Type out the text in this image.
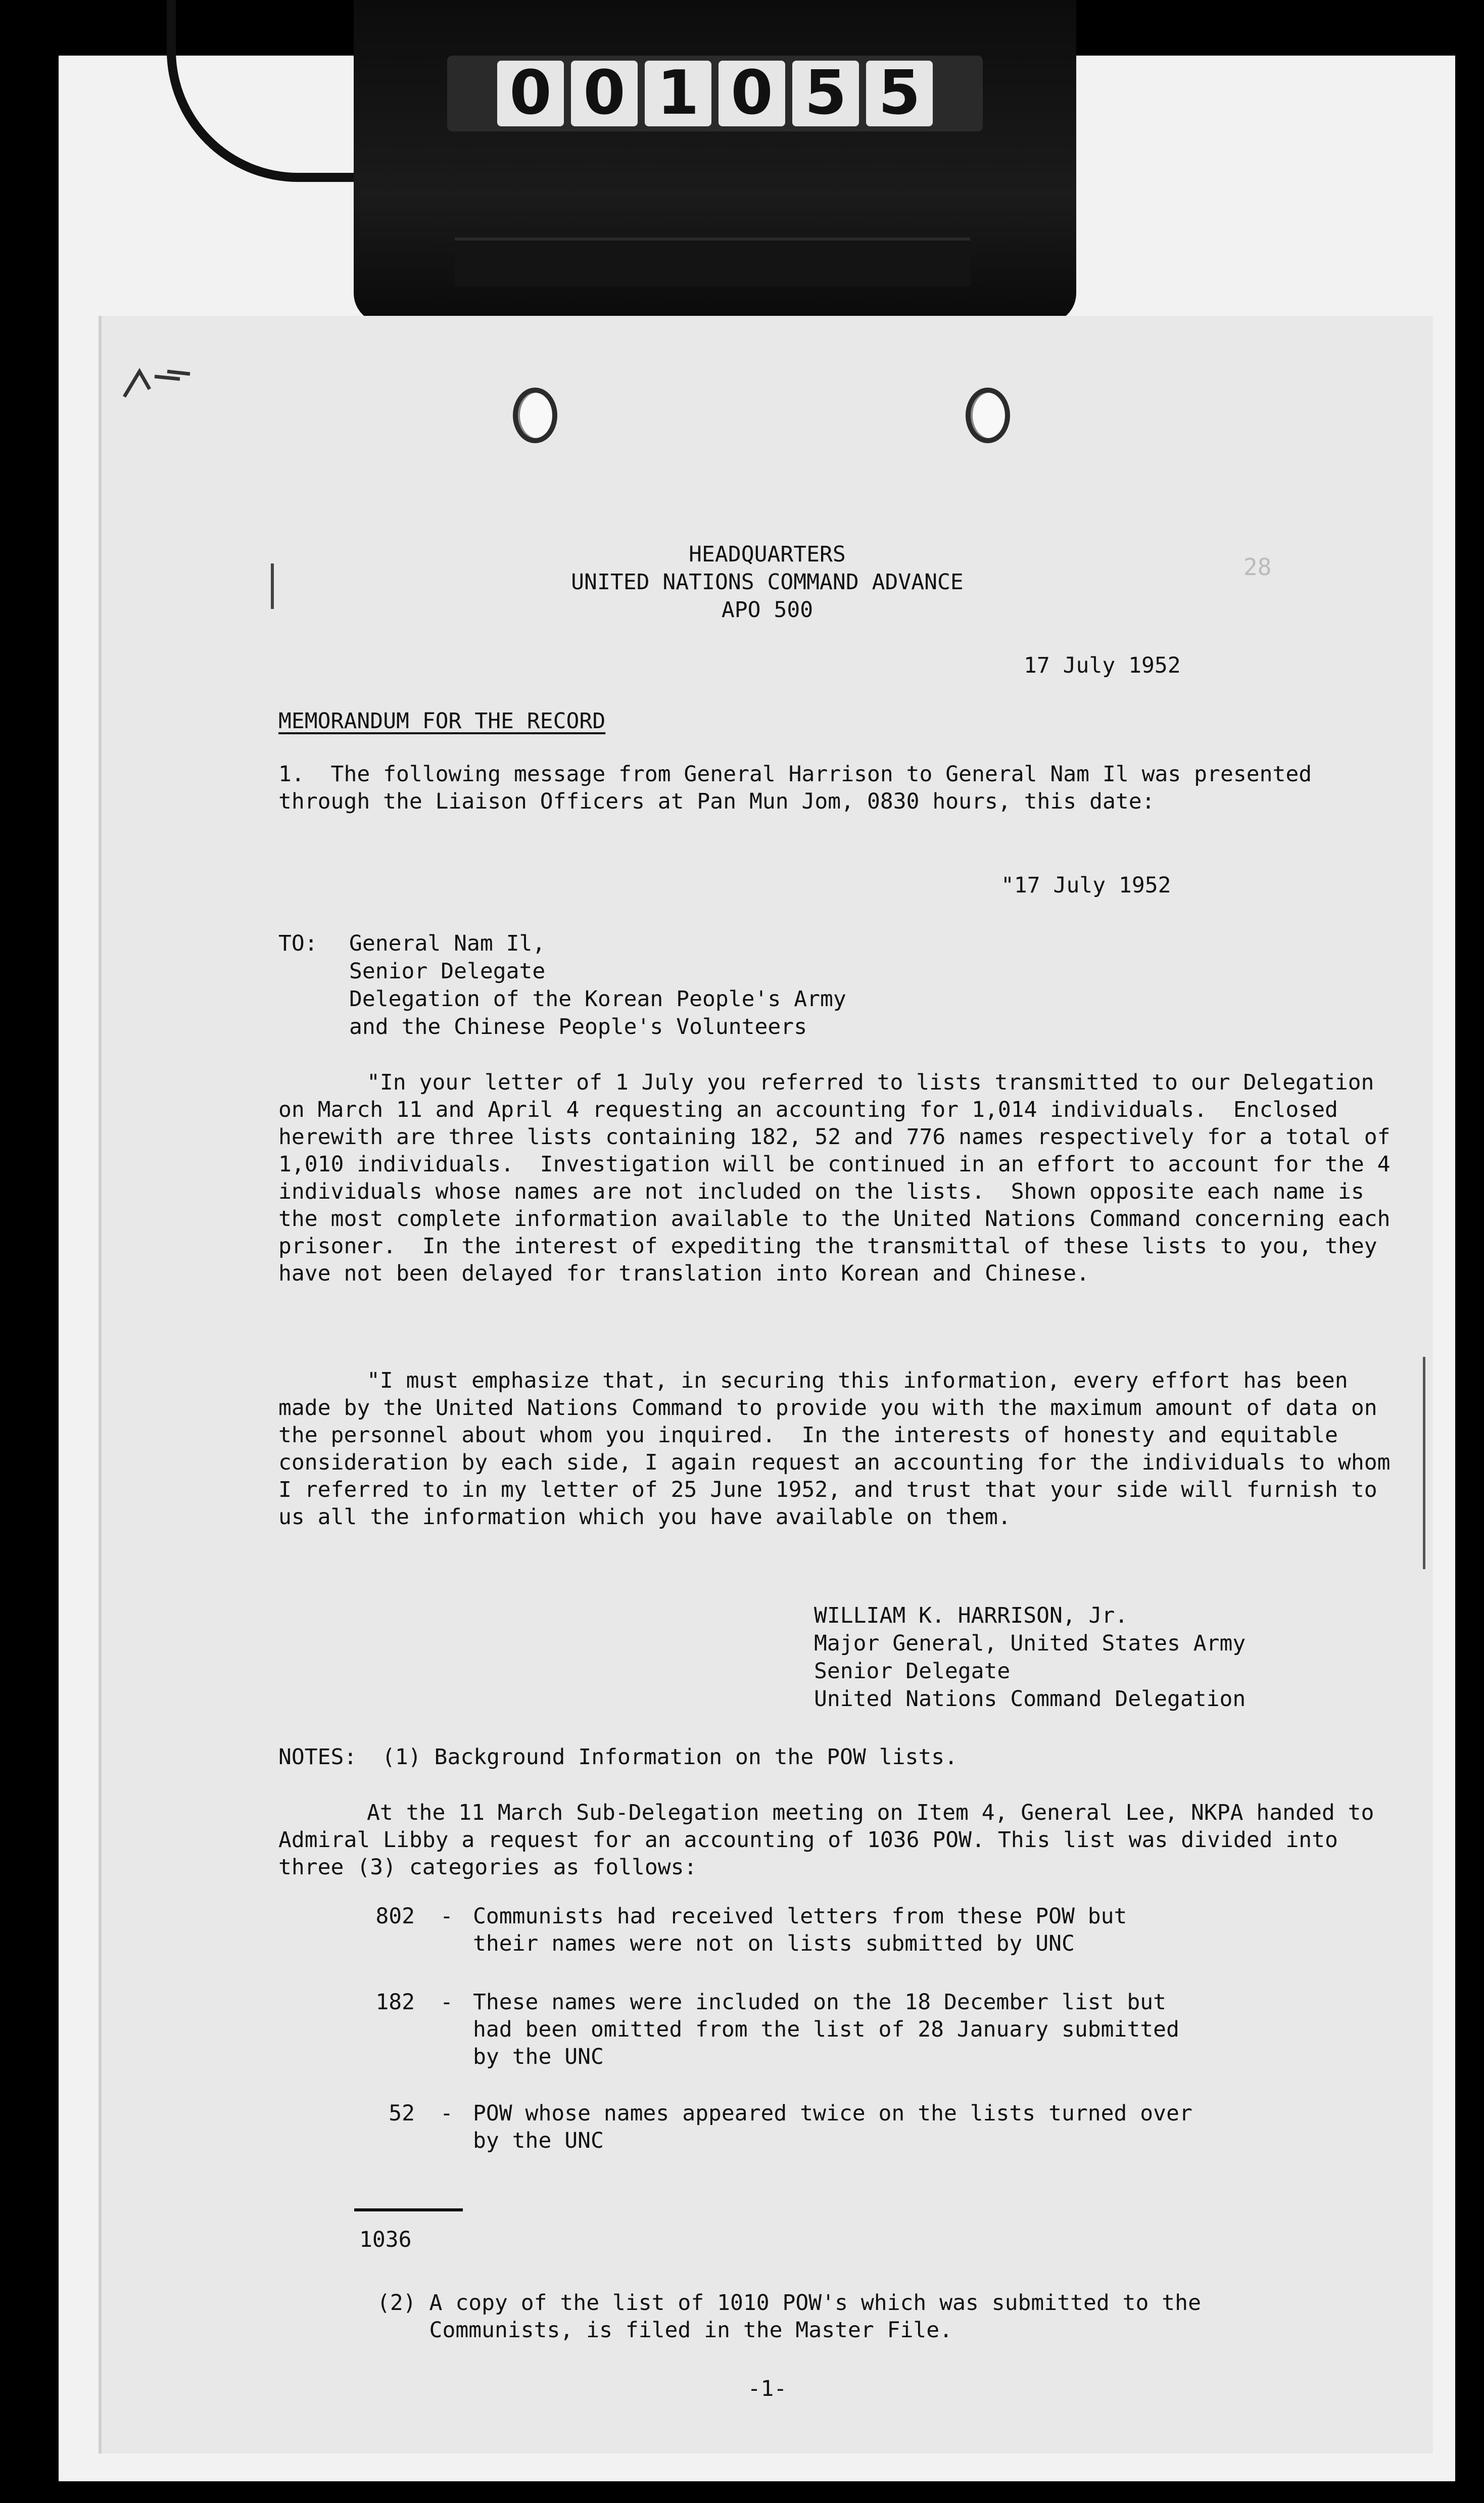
0 0 1 0 5 5
28

HEADQUARTERS

UNITED NATIONS COMMAND ADVANCE

APO 500

17 July 1952

MEMORANDUM FOR THE RECORD

1.  The following message from General Harrison to General Nam Il was presented through the Liaison Officers at Pan Mun Jom, 0830 hours, this date:

"17 July 1952

TO: General Nam Il,

Senior Delegate

Delegation of the Korean People's Army

and the Chinese People's Volunteers

"In your letter of 1 July you referred to lists transmitted to our Delegation on March 11 and April 4 requesting an accounting for 1,014 individuals.  Enclosed herewith are three lists containing 182, 52 and 776 names respectively for a total of 1,010 individuals.  Investigation will be continued in an effort to account for the 4 individuals whose names are not included on the lists.  Shown opposite each name is the most complete information available to the United Nations Command concerning each prisoner.  In the interest of expediting the transmittal of these lists to you, they have not been delayed for translation into Korean and Chinese.

"I must emphasize that, in securing this information, every effort has been made by the United Nations Command to provide you with the maximum amount of data on the personnel about whom you inquired.  In the interests of honesty and equitable consideration by each side, I again request an accounting for the individuals to whom I referred to in my letter of 25 June 1952, and trust that your side will furnish to us all the information which you have available on them.

WILLIAM K. HARRISON, Jr.

Major General, United States Army

Senior Delegate

United Nations Command Delegation

NOTES: (1) Background Information on the POW lists.

At the 11 March Sub-Delegation meeting on Item 4, General Lee, NKPA handed to Admiral Libby a request for an accounting of 1036 POW. This list was divided into three (3) categories as follows:

802 - Communists had received letters from these POW but
their names were not on lists submitted by UNC

182 - These names were included on the 18 December list but
had been omitted from the list of 28 January submitted
by the UNC

52 - POW whose names appeared twice on the lists turned over
by the UNC

1036

(2) A copy of the list of 1010 POW's which was submitted to the
Communists, is filed in the Master File.

-1-
